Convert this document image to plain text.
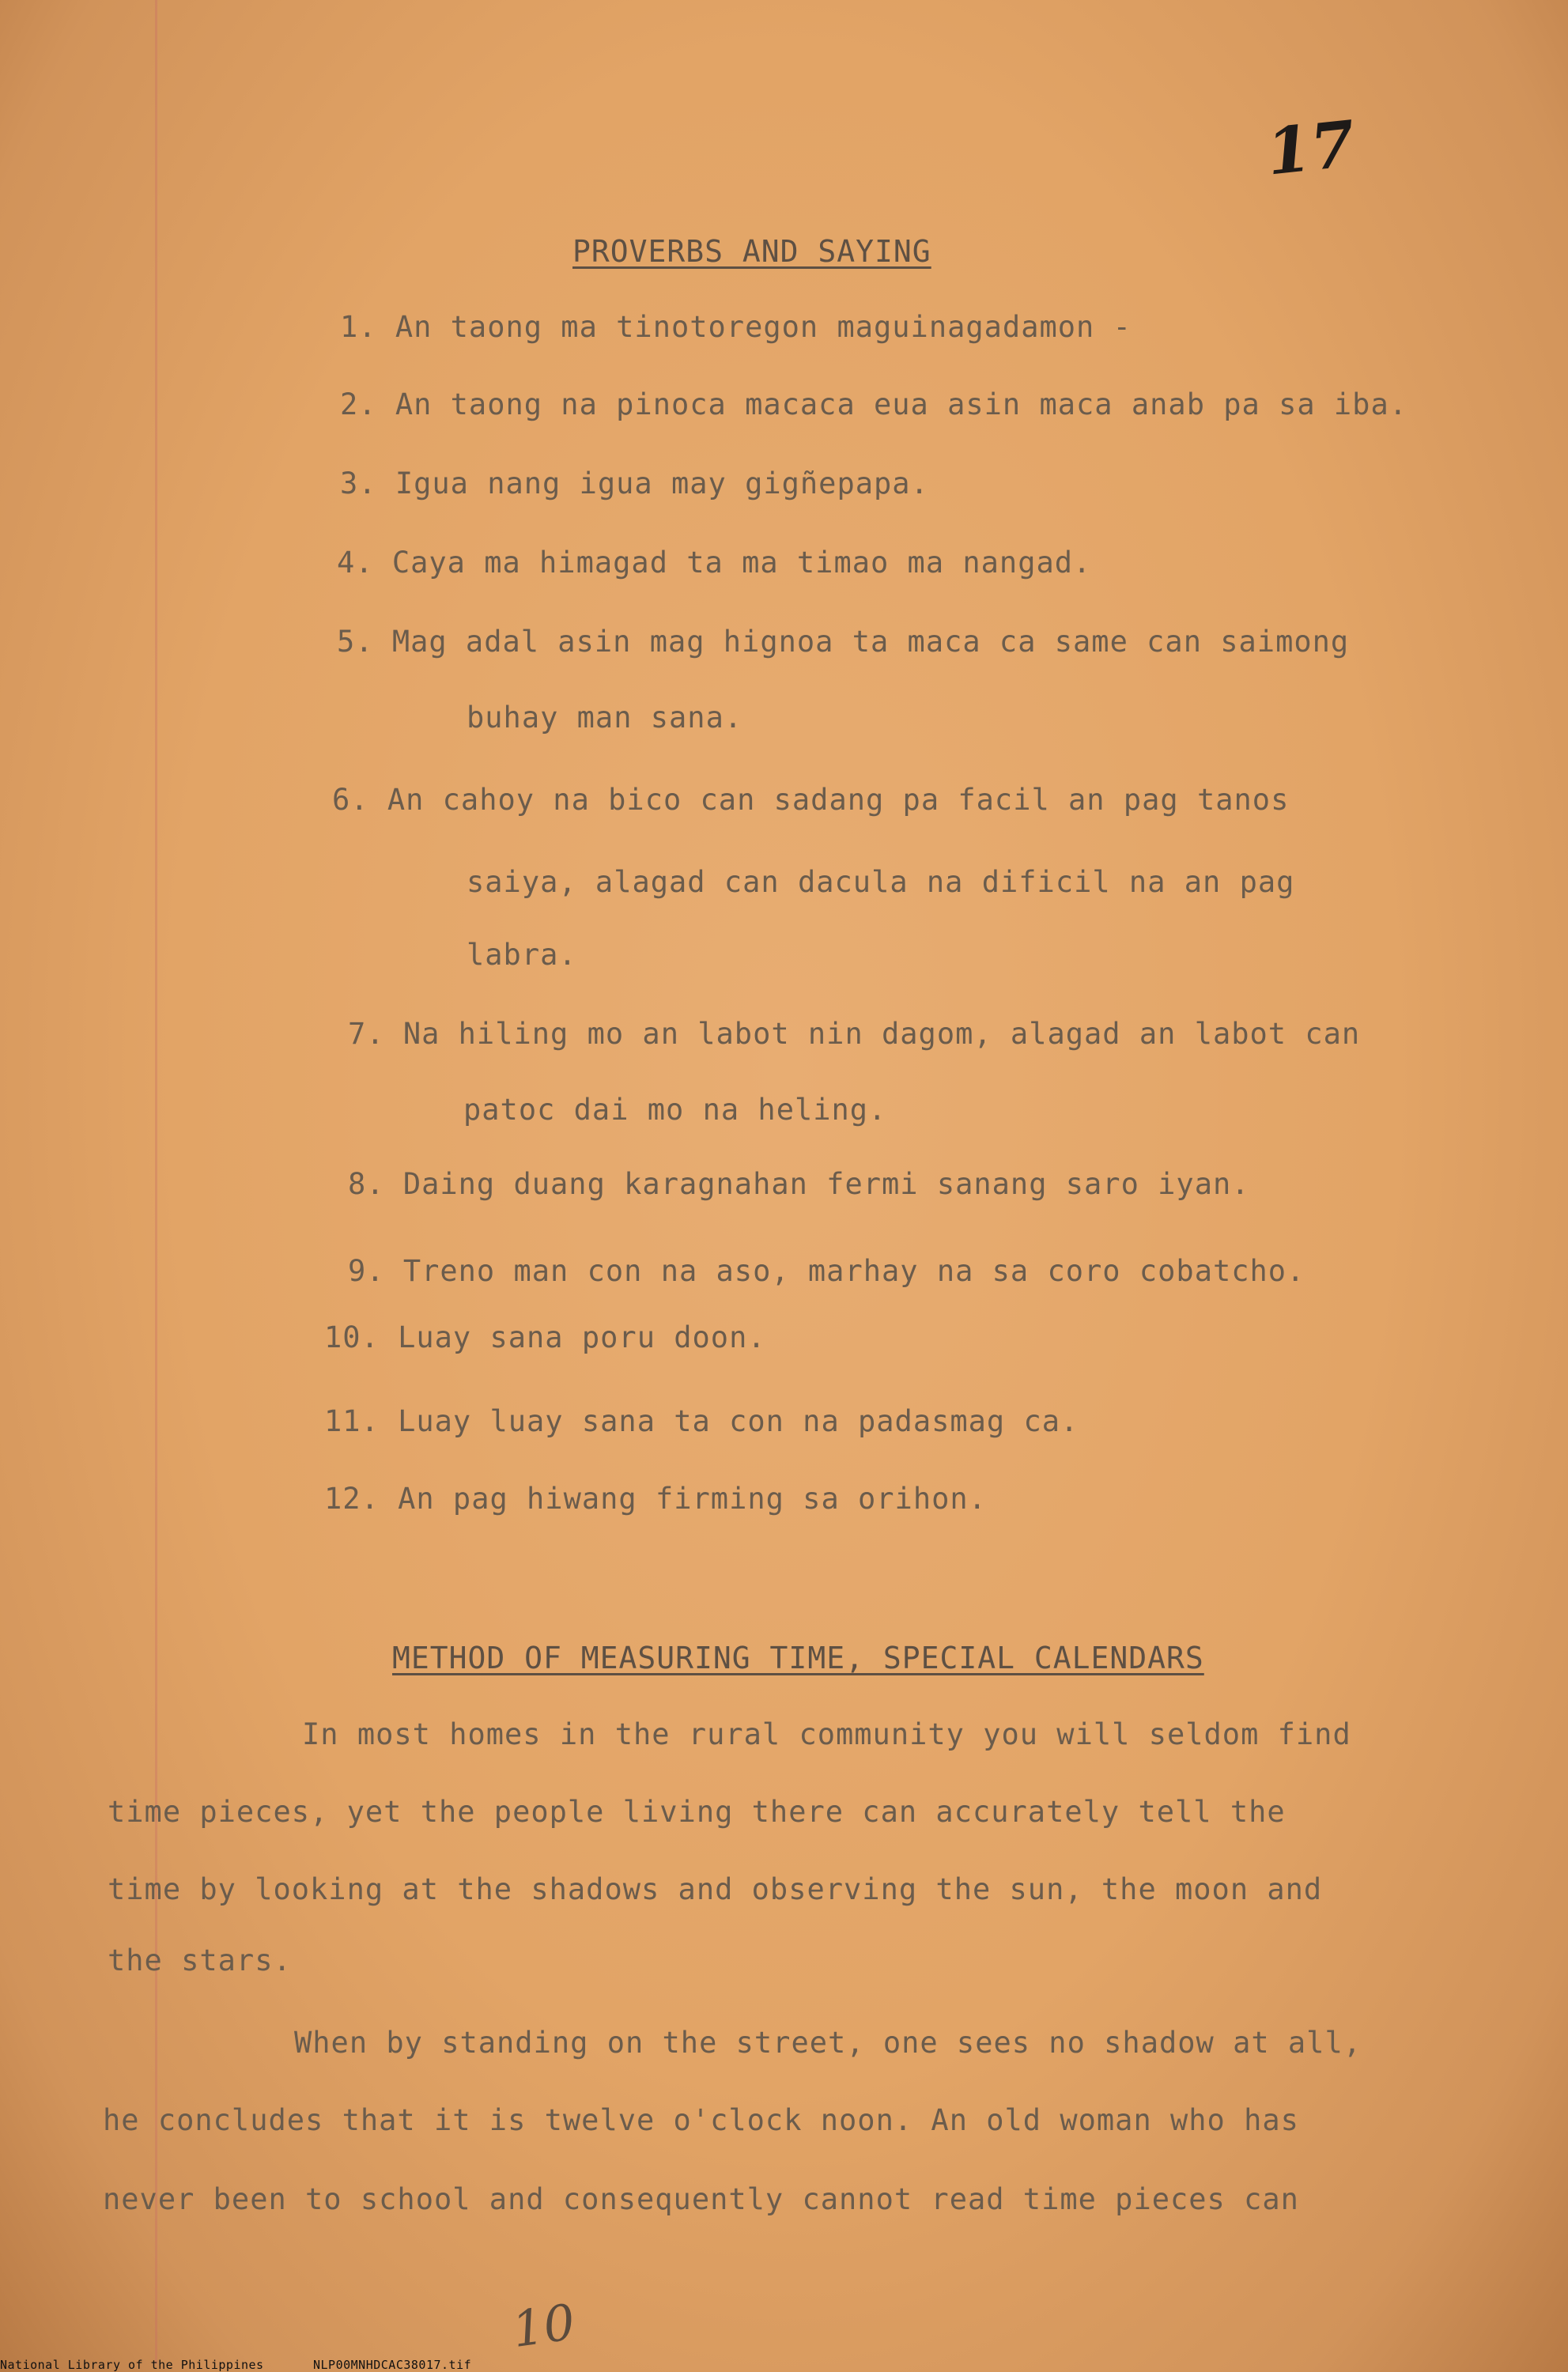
17
PROVERBS AND SAYING
1. An taong ma tinotoregon maguinagadamon -
2. An taong na pinoca macaca eua asin maca anab pa sa iba.
3. Igua nang igua may gigñepapa.
4. Caya ma himagad ta ma timao ma nangad.
5. Mag adal asin mag hignoa ta maca ca same can saimong
buhay man sana.
6. An cahoy na bico can sadang pa facil an pag tanos
saiya, alagad can dacula na dificil na an pag
labra.
7. Na hiling mo an labot nin dagom, alagad an labot can
patoc dai mo na heling.
8. Daing duang karagnahan fermi sanang saro iyan.
9. Treno man con na aso, marhay na sa coro cobatcho.
10. Luay sana poru doon.
11. Luay luay sana ta con na padasmag ca.
12. An pag hiwang firming sa orihon.
METHOD OF MEASURING TIME, SPECIAL CALENDARS
In most homes in the rural community you will seldom find
time pieces, yet the people living there can accurately tell the
time by looking at the shadows and observing the sun, the moon and
the stars.
When by standing on the street, one sees no shadow at all,
he concludes that it is twelve o'clock noon. An old woman who has
never been to school and consequently cannot read time pieces can
10
National Library of the Philippines	NLP00MNHDCAC38017.tif
